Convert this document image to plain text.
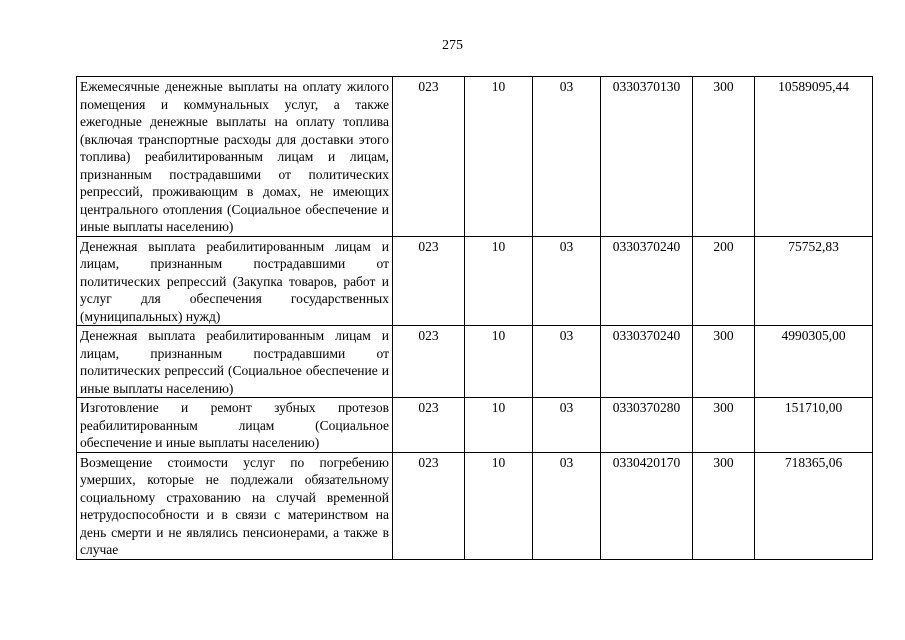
275
Ежемесячные денежные выплаты на оплату жилого помещения и коммунальных услуг, а также ежегодные денежные выплаты на оплату топлива (включая транспортные расходы для доставки этого топлива) реабилитированным лицам и лицам, признанным пострадавшими от политических репрессий, проживающим в домах, не имеющих центрального отопления (Социальное обеспечение и иные выплаты населению)	023	10	03	0330370130	300	10589095,44
Денежная выплата реабилитированным лицам и лицам, признанным пострадавшими от политических репрессий (Закупка товаров, работ и услуг для обеспечения государственных (муниципальных) нужд)	023	10	03	0330370240	200	75752,83
Денежная выплата реабилитированным лицам и лицам, признанным пострадавшими от политических репрессий (Социальное обеспечение и иные выплаты населению)	023	10	03	0330370240	300	4990305,00
Изготовление и ремонт зубных протезов реабилитированным лицам (Социальное обеспечение и иные выплаты населению)	023	10	03	0330370280	300	151710,00
Возмещение стоимости услуг по погребению умерших, которые не подлежали обязательному социальному страхованию на случай временной нетрудоспособности и в связи с материнством на день смерти и не являлись пенсионерами, а также в случае	023	10	03	0330420170	300	718365,06
